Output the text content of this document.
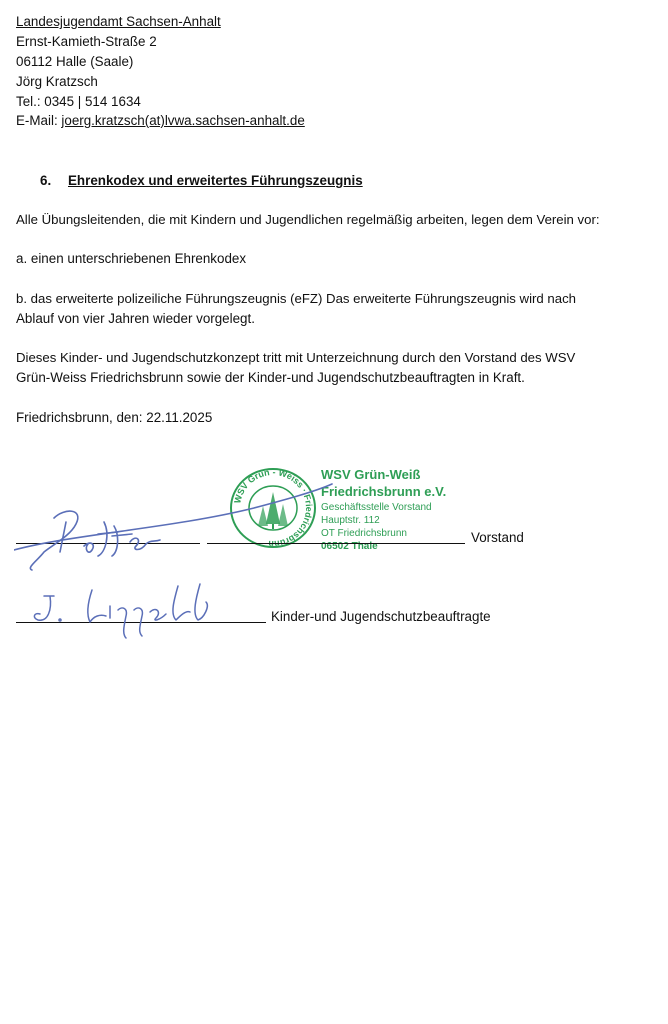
Landesjugendamt Sachsen-Anhalt
Ernst-Kamieth-Straße 2
06112 Halle (Saale)
Jörg Kratzsch
Tel.: 0345 | 514 1634
E-Mail: joerg.kratzsch(at)lvwa.sachsen-anhalt.de
6. Ehrenkodex und erweitertes Führungszeugnis
Alle Übungsleitenden, die mit Kindern und Jugendlichen regelmäßig arbeiten, legen dem Verein vor:
a. einen unterschriebenen Ehrenkodex
b. das erweiterte polizeiliche Führungszeugnis (eFZ) Das erweiterte Führungszeugnis wird nach
Ablauf von vier Jahren wieder vorgelegt.
Dieses Kinder- und Jugendschutzkonzept tritt mit Unterzeichnung durch den Vorstand des WSV
Grün-Weiss Friedrichsbrunn sowie der Kinder-und Jugendschutzbeauftragten in Kraft.
Friedrichsbrunn, den: 22.11.2025
WSV Grün - Weiss · Friedrichsbrunn
WSV Grün-Weiß
Friedrichsbrunn e.V.
Geschäftsstelle Vorstand
Hauptstr. 112
OT Friedrichsbrunn
06502 Thale
Vorstand
Kinder-und Jugendschutzbeauftragte
